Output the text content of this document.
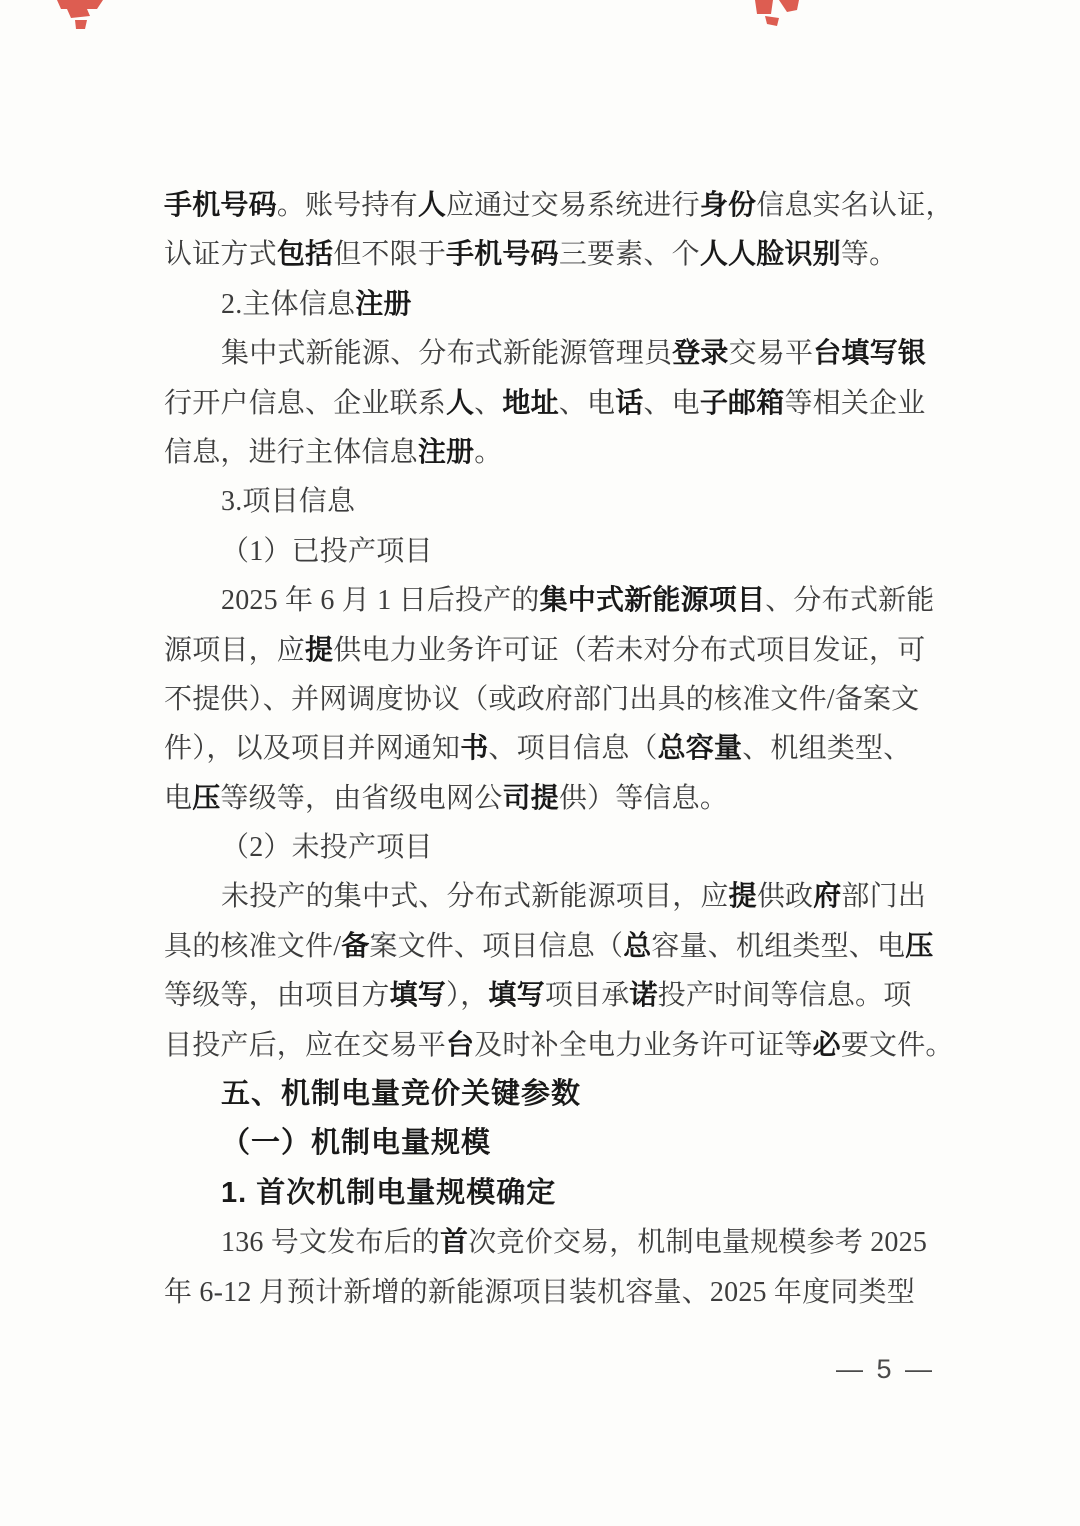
手机号码。账号持有人应通过交易系统进行身份信息实名认证，
认证方式包括但不限于手机号码三要素、个人人脸识别等。
2.主体信息注册
集中式新能源、分布式新能源管理员登录交易平台填写银
行开户信息、企业联系人、地址、电话、电子邮箱等相关企业
信息，进行主体信息注册。
3.项目信息
（1）已投产项目
2025 年 6 月 1 日后投产的集中式新能源项目、分布式新能
源项目，应提供电力业务许可证（若未对分布式项目发证，可
不提供）、并网调度协议（或政府部门出具的核准文件/备案文
件），以及项目并网通知书、项目信息（总容量、机组类型、
电压等级等，由省级电网公司提供）等信息。
（2）未投产项目
未投产的集中式、分布式新能源项目，应提供政府部门出
具的核准文件/备案文件、项目信息（总容量、机组类型、电压
等级等，由项目方填写），填写项目承诺投产时间等信息。项
目投产后，应在交易平台及时补全电力业务许可证等必要文件。
五、机制电量竞价关键参数
（一）机制电量规模
1. 首次机制电量规模确定
136 号文发布后的首次竞价交易，机制电量规模参考 2025
年 6-12 月预计新增的新能源项目装机容量、2025 年度同类型
— 5 —
